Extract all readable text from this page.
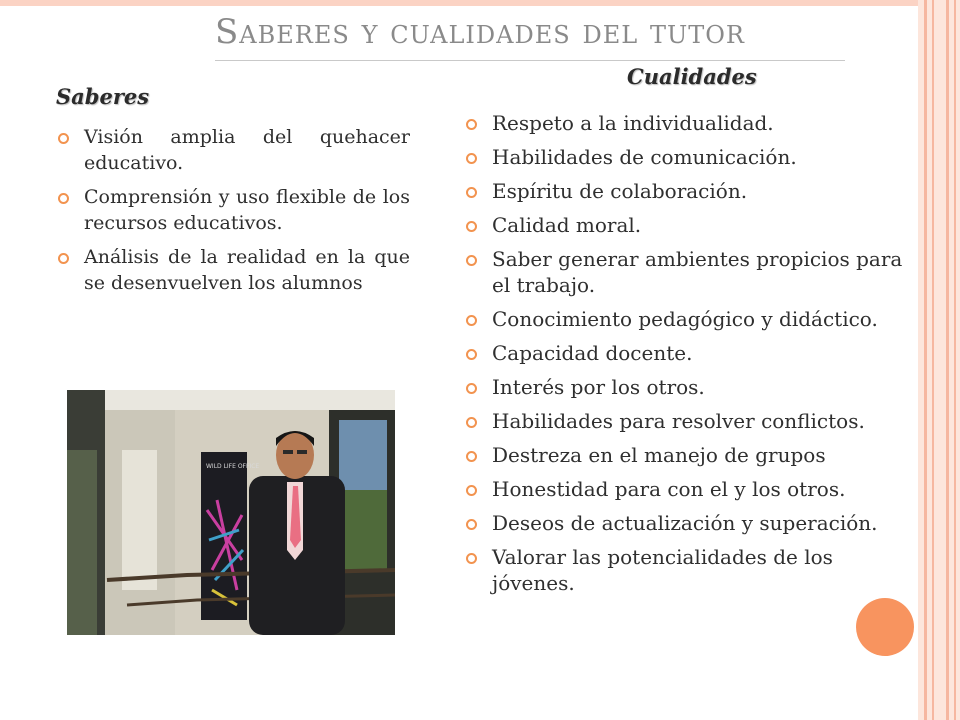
Saberes y cualidades del tutor
Saberes
Visión amplia del quehacer educativo.
Comprensión y uso flexible de los recursos educativos.
Análisis de la realidad en la que se desenvuelven los alumnos
Cualidades
Respeto a la individualidad.
Habilidades de comunicación.
Espíritu de colaboración.
Calidad moral.
Saber generar ambientes propicios para el trabajo.
Conocimiento pedagógico y didáctico.
Capacidad docente.
Interés por los otros.
Habilidades para resolver conflictos.
Destreza en el manejo de grupos
Honestidad para con el y los otros.
Deseos de actualización y superación.
Valorar las potencialidades de los jóvenes.
WILD LIFE OFFICE
